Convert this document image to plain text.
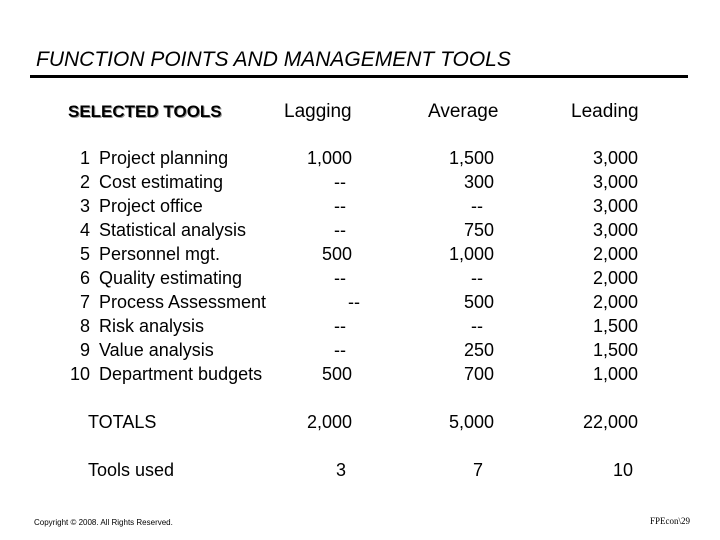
FUNCTION POINTS AND MANAGEMENT TOOLS
SELECTED TOOLS	Lagging	Average	Leading
1 Project planning	1,000	1,500	3,000
2 Cost estimating	--	300	3,000
3 Project office	--	--	3,000
4 Statistical analysis	--	750	3,000
5 Personnel mgt.	500	1,000	2,000
6 Quality estimating	--	--	2,000
7 Process Assessment	--	500	2,000
8 Risk analysis	--	--	1,500
9 Value analysis	--	250	1,500
10 Department budgets	500	700	1,000
TOTALS	2,000	5,000	22,000
Tools used	3	7	10
Copyright © 2008. All Rights Reserved.	FPEcon\29
